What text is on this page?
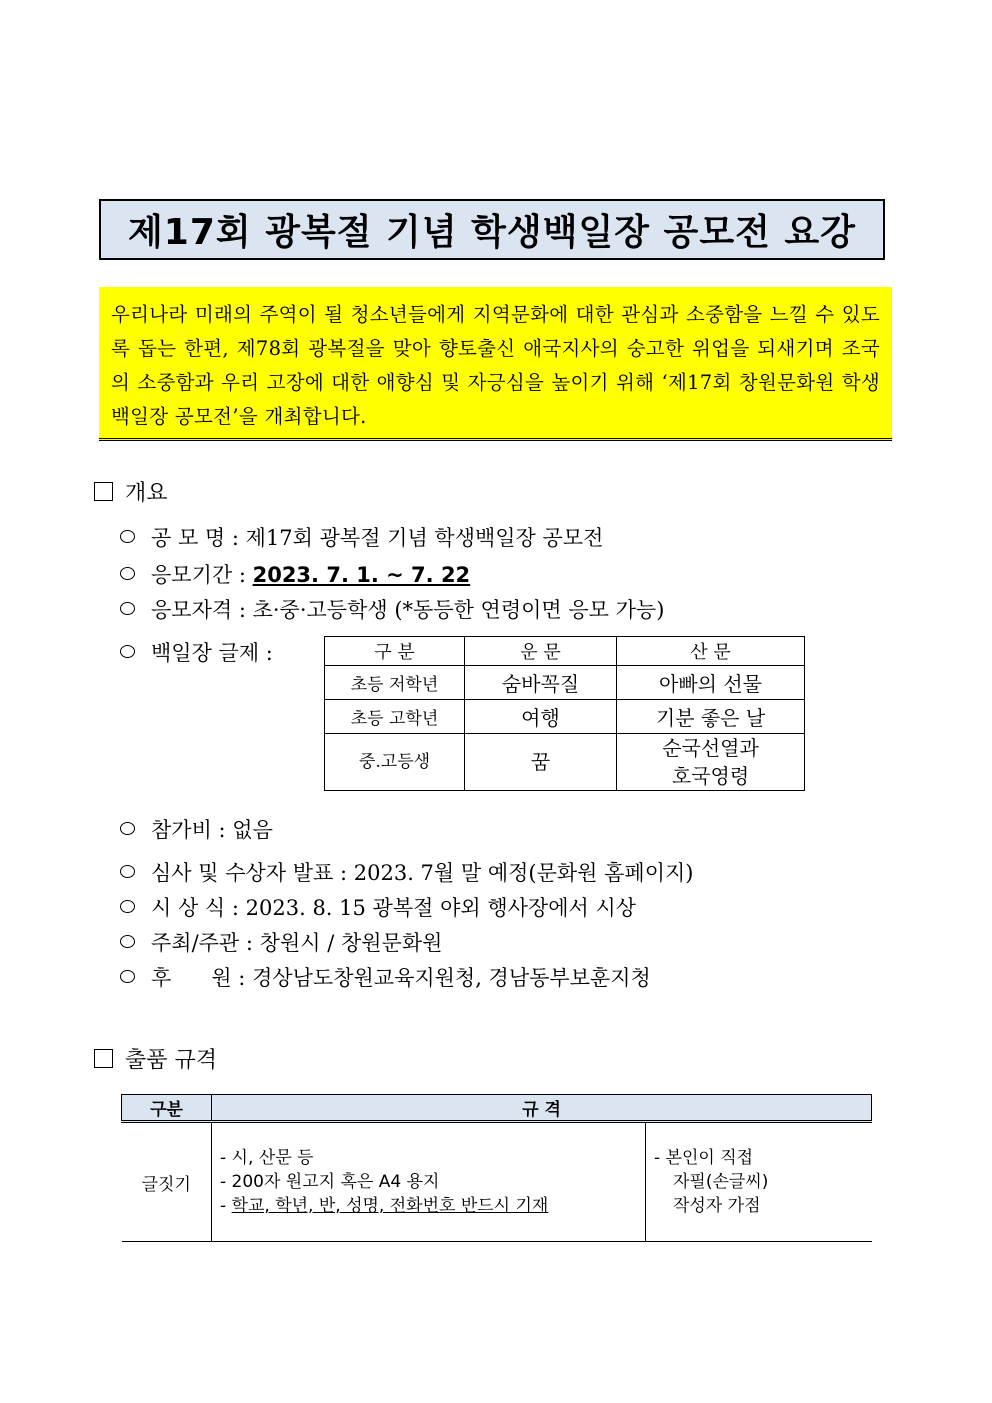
제17회 광복절 기념 학생백일장 공모전 요강
우리나라 미래의 주역이 될 청소년들에게 지역문화에 대한 관심과 소중함을 느낄 수 있도록 돕는 한편, 제78회 광복절을 맞아 향토출신 애국지사의 숭고한 위업을 되새기며 조국의 소중함과 우리 고장에 대한 애향심 및 자긍심을 높이기 위해 ‘제17회 창원문화원 학생백일장 공모전’을 개최합니다.
개요
공 모 명 : 제17회 광복절 기념 학생백일장 공모전
응모기간 : 2023. 7. 1. ~ 7. 22
응모자격 : 초·중·고등학생 (*동등한 연령이면 응모 가능)
백일장 글제 :	구 분	운 문	산 문
초등 저학년	숨바꼭질	아빠의 선물
초등 고학년	여행	기분 좋은 날
중.고등생	꿈	순국선열과
호국영령
참가비 : 없음
심사 및 수상자 발표 : 2023. 7월 말 예정(문화원 홈페이지)
시 상 식 : 2023. 8. 15 광복절 야외 행사장에서 시상
주최/주관 : 창원시 / 창원문화원
후      원 : 경상남도창원교육지원청, 경남동부보훈지청
출품 규격
구분	규 격	
글짓기	- 시, 산문 등
- 200자 원고지 혹은 A4 용지
- 학교, 학년, 반, 성명, 전화번호 반드시 기재	- 본인이 직접
자필(손글씨)
작성자 가점
